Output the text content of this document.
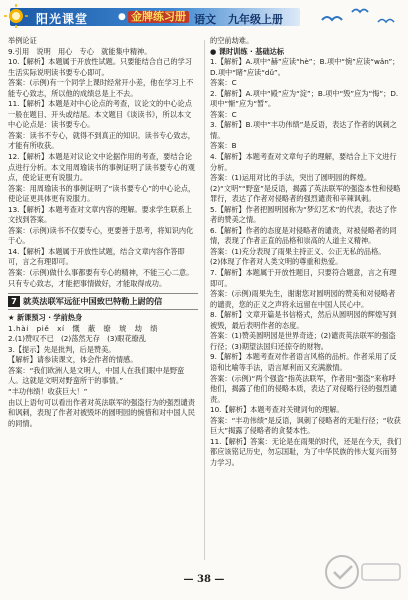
阳光课堂	● 金牌练习册 语文 九年级上册

举例论证

9.引用　说明　用心　专心　就能集中精神。

10.【解析】本题属于开放性试题。只要能结合自己的学习生活实际说明读书要专心即可。

答案：(示例)有一个同学上课时经常开小差，他在学习上不能专心致志，所以他的成绩总是上不去。

11.【解析】本题是对中心论点的考查，议论文的中心论点一般在题目、开头或结尾。本文题目《谈读书》，所以本文中心论点是：读书要专心。

答案：读书不专心，就得不到真正的知识。读书专心致志，才能有所收获。

12.【解析】本题是对议论文中论据作用的考查，要结合论点进行分析。本文用周瑜读书的事例证明了读书要专心的观点，使论证更有说服力。

答案：用周瑜读书的事例证明了“读书要专心”的中心论点，使论证更具体更有说服力。

13.【解析】本题考查对文章内容的理解。要求学生联系上文找到答案。

答案：(示例)读书不仅要专心，更要善于思考，将知识内化于心。

14.【解析】本题属于开放性试题，结合文章内容作答即可，言之有理即可。

答案：(示例)做什么事都要有专心的精神，不能三心二意。只有专心致志，才能把事情做好，才能取得成功。

7 就英法联军远征中国致巴特勒上尉的信

★ 新课预习 · 学前热身

1.hài　piě　xí　慨　蔽　缭　琥　劫　绩

2.(1)赞叹不已　(2)荡然无存　(3)眼花缭乱

3.【提示】先是批判，后是赞美。

【解析】请参读课文，体会作者的情感。

答案：“我们欧洲人是文明人，中国人在我们眼中是野蛮人。这就是文明对野蛮所干的事情。”

“丰功伟绩！收获巨大！”

由以上语句可以看出作者对英法联军的强盗行为的强烈谴责和讽刺，表现了作者对被毁坏的圆明园的惋惜和对中国人民的同情。

的空前劫难。

● 课时训练 · 基础达标

1.【解析】A.项中“赫”应读“hè”；B.项中“惋”应读“wǎn”；D.项中“睹”应读“dǔ”。

答案：C

2.【解析】A.项中“殿”应为“淀”；B.项中“毁”应为“悔”；D.项中“惭”应为“暂”。

答案：C

3.【解析】B.项中“丰功伟绩”是反语，表达了作者的讽刺之情。

答案：B

4.【解析】本题考查对文章句子的理解，要结合上下文进行分析。

答案：(1)运用对比的手法，突出了圆明园的辉煌。

(2)“文明”“野蛮”是反语，揭露了英法联军的强盗本性和侵略罪行，表达了作者对侵略者的强烈谴责和辛辣讽刺。

5.【解析】作者把圆明园称为“梦幻艺术”的代表，表达了作者的赞美之情。

6.【解析】作者的态度是对侵略者的谴责，对被侵略者的同情，表现了作者正直的品格和崇高的人道主义精神。

答案：(1)充分表现了雨果主持正义、公正无私的品格。

(2)体现了作者对人类文明的尊重和热爱。

7.【解析】本题属于开放性题目，只要符合题意，言之有理即可。

答案：(示例)雨果先生，谢谢您对圆明园的赞美和对侵略者的谴责，您的正义之声将永远留在中国人民心中。

8.【解析】文章开篇是书信格式，然后从圆明园的辉煌写到被毁，最后表明作者的态度。

答案：(1)赞美圆明园是世界奇迹；(2)谴责英法联军的强盗行径；(3)期望法国归还掠夺的财物。

9.【解析】本题考查对作者语言风格的品析。作者采用了反语和比喻等手法，语言犀利而又充满激情。

答案：(示例)“两个强盗”指英法联军，作者用“强盗”来称呼他们，揭露了他们的侵略本质，表达了对侵略行径的强烈谴责。

10.【解析】本题考查对关键词句的理解。

答案：“丰功伟绩”是反语，讽刺了侵略者的无耻行径；“收获巨大”揭露了侵略者的贪婪本性。

11.【解析】答案：无论是在雨果的时代，还是在今天，我们都应该铭记历史，勿忘国耻，为了中华民族的伟大复兴而努力学习。

— 38 —
